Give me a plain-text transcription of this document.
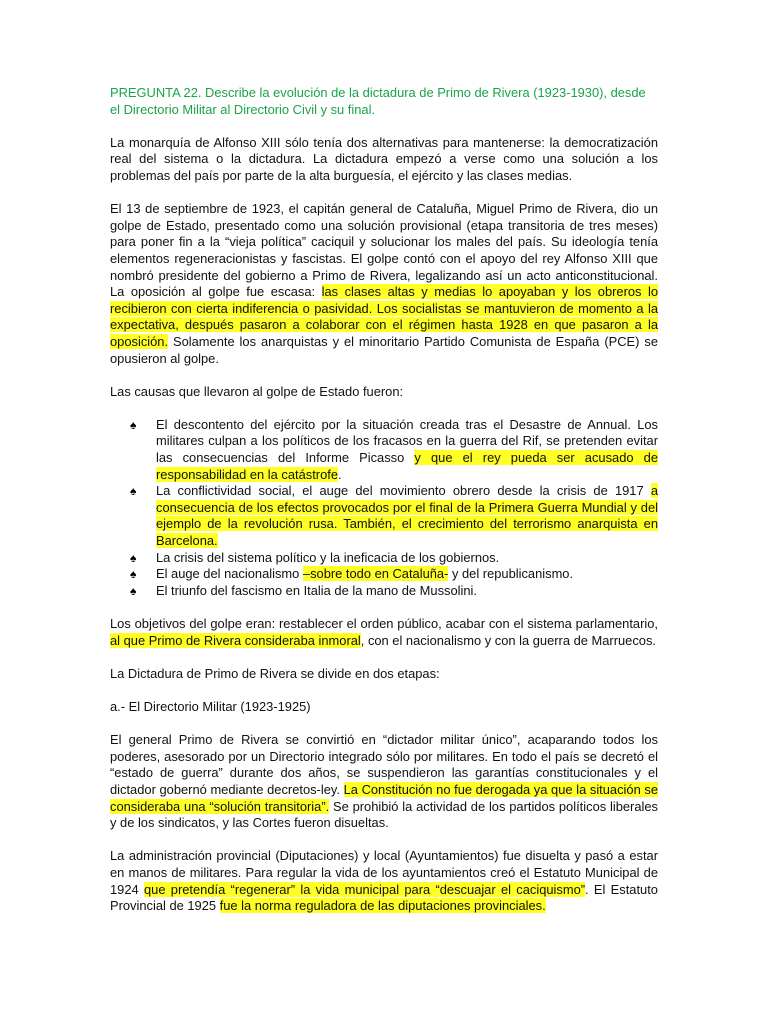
PREGUNTA 22. Describe la evolución de la dictadura de Primo de Rivera (1923-1930), desde el Directorio Militar al Directorio Civil y su final.

La monarquía de Alfonso XIII sólo tenía dos alternativas para mantenerse: la democratización real del sistema o la dictadura. La dictadura empezó a verse como una solución a los problemas del país por parte de la alta burguesía, el ejército y las clases medias.

El 13 de septiembre de 1923, el capitán general de Cataluña, Miguel Primo de Rivera, dio un golpe de Estado, presentado como una solución provisional (etapa transitoria de tres meses) para poner fin a la “vieja política” caciquil y solucionar los males del país. Su ideología tenía elementos regeneracionistas y fascistas. El golpe contó con el apoyo del rey Alfonso XIII que nombró presidente del gobierno a Primo de Rivera, legalizando así un acto anticonstitucional. La oposición al golpe fue escasa: las clases altas y medias lo apoyaban y los obreros lo recibieron con cierta indiferencia o pasividad. Los socialistas se mantuvieron de momento a la expectativa, después pasaron a colaborar con el régimen hasta 1928 en que pasaron a la oposición. Solamente los anarquistas y el minoritario Partido Comunista de España (PCE) se opusieron al golpe.

Las causas que llevaron al golpe de Estado fueron:

♠ El descontento del ejército por la situación creada tras el Desastre de Annual. Los militares culpan a los políticos de los fracasos en la guerra del Rif, se pretenden evitar las consecuencias del Informe Picasso y que el rey pueda ser acusado de responsabilidad en la catástrofe.
♠ La conflictividad social, el auge del movimiento obrero desde la crisis de 1917 a consecuencia de los efectos provocados por el final de la Primera Guerra Mundial y del ejemplo de la revolución rusa. También, el crecimiento del terrorismo anarquista en Barcelona.
♠ La crisis del sistema político y la ineficacia de los gobiernos.
♠ El auge del nacionalismo –sobre todo en Cataluña- y del republicanismo.
♠ El triunfo del fascismo en Italia de la mano de Mussolini.

Los objetivos del golpe eran: restablecer el orden público, acabar con el sistema parlamentario, al que Primo de Rivera consideraba inmoral, con el nacionalismo y con la guerra de Marruecos.

La Dictadura de Primo de Rivera se divide en dos etapas:

a.- El Directorio Militar (1923-1925)

El general Primo de Rivera se convirtió en “dictador militar único”, acaparando todos los poderes, asesorado por un Directorio integrado sólo por militares. En todo el país se decretó el “estado de guerra” durante dos años, se suspendieron las garantías constitucionales y el dictador gobernó mediante decretos-ley. La Constitución no fue derogada ya que la situación se consideraba una “solución transitoria”. Se prohibió la actividad de los partidos políticos liberales y de los sindicatos, y las Cortes fueron disueltas.

La administración provincial (Diputaciones) y local (Ayuntamientos) fue disuelta y pasó a estar en manos de militares. Para regular la vida de los ayuntamientos creó el Estatuto Municipal de 1924 que pretendía “regenerar” la vida municipal para “descuajar el caciquismo”. El Estatuto Provincial de 1925 fue la norma reguladora de las diputaciones provinciales.
